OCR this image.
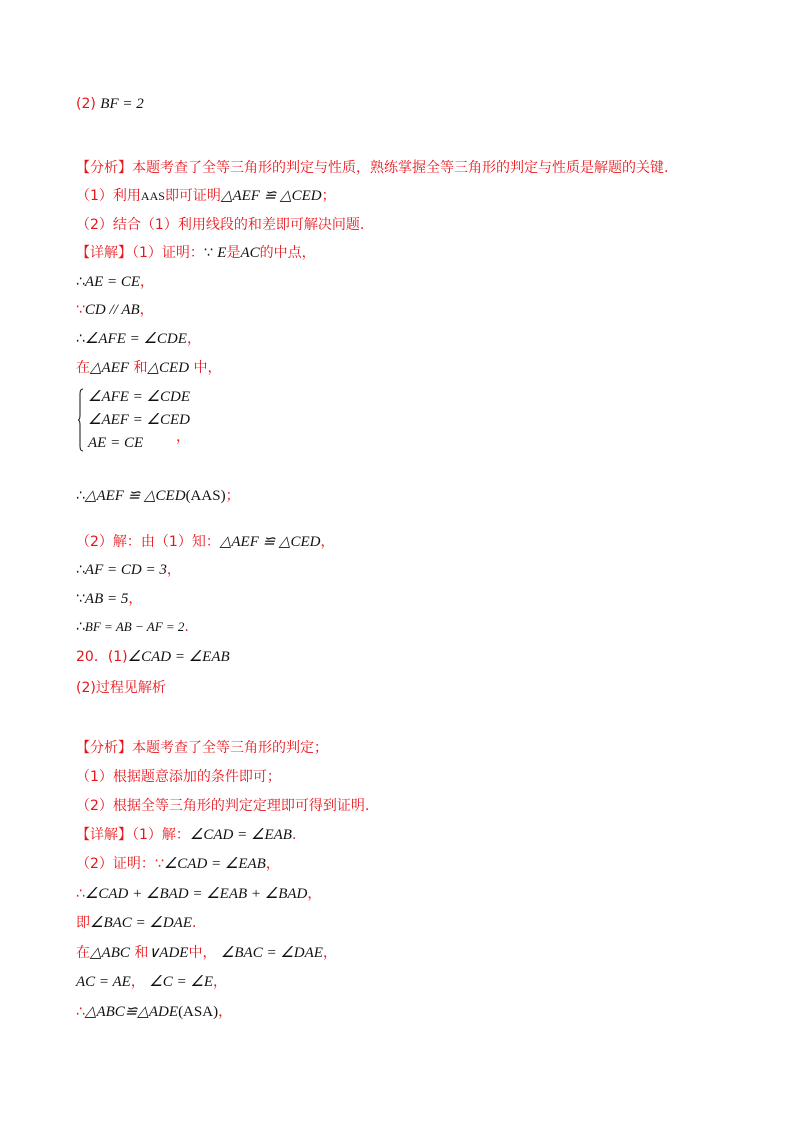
(2) BF = 2
【分析】本题考查了全等三角形的判定与性质，熟练掌握全等三角形的判定与性质是解题的关键.
（1）利用AAS即可证明△AEF ≌ △CED；
（2）结合（1）利用线段的和差即可解决问题.
【详解】（1）证明：∵ E是AC的中点，
∴AE = CE，
∵CD // AB，
∴∠AFE = ∠CDE，
在△AEF 和△CED 中，
∠AFE = ∠CDE
∠AEF = ∠CED
AE = CE ，
∴△AEF ≌ △CED(AAS)；
（2）解：由（1）知：△AEF ≌ △CED，
∴AF = CD = 3，
∵AB = 5，
∴BF = AB − AF = 2.
20．(1)∠CAD = ∠EAB
(2)过程见解析
【分析】本题考查了全等三角形的判定；
（1）根据题意添加的条件即可；
（2）根据全等三角形的判定定理即可得到证明.
【详解】（1）解：∠CAD = ∠EAB.
（2）证明：∵∠CAD = ∠EAB，
∴∠CAD + ∠BAD = ∠EAB + ∠BAD，
即∠BAC = ∠DAE.
在△ABC 和∨ADE中， ∠BAC = ∠DAE，
AC = AE， ∠C = ∠E，
∴△ABC≌△ADE(ASA)，
